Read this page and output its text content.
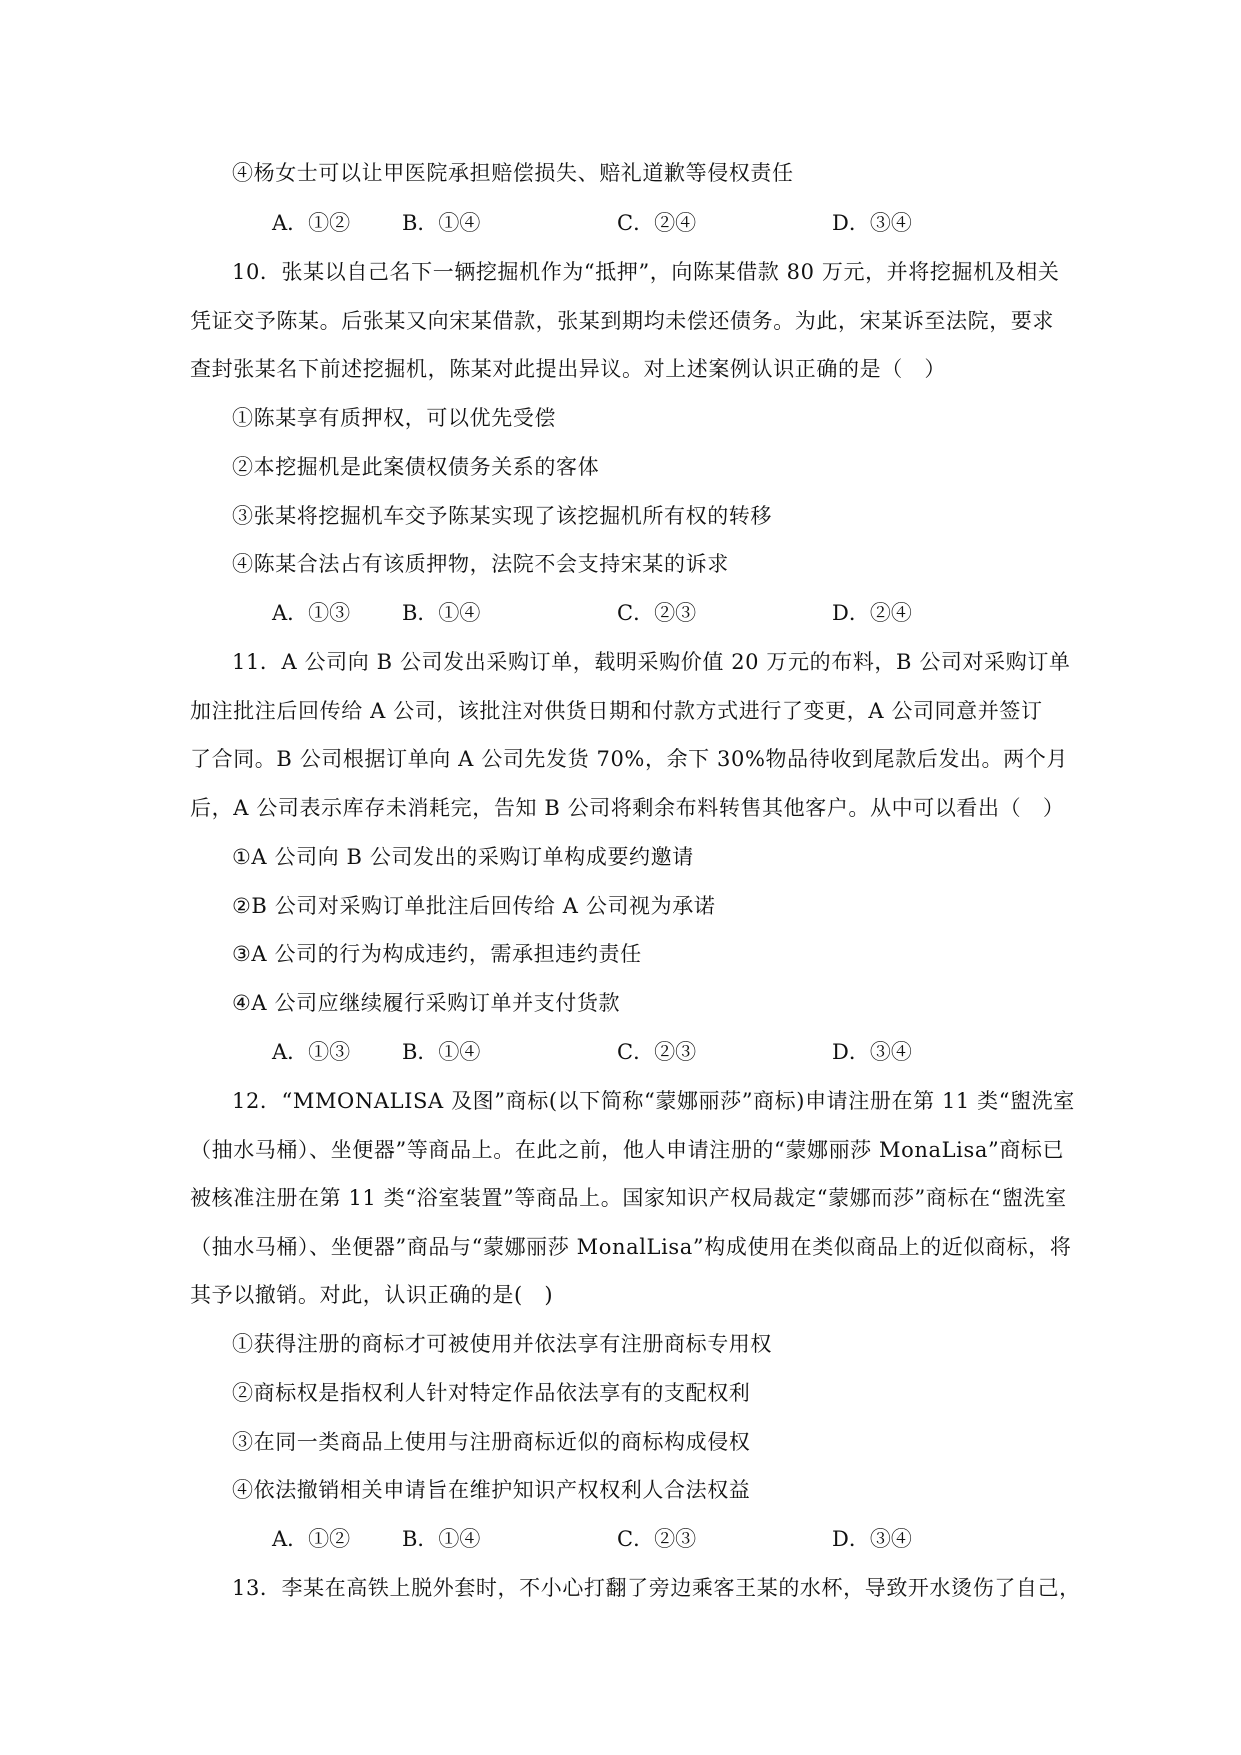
④杨女士可以让甲医院承担赔偿损失、赔礼道歉等侵权责任
A．①② B．①④	C．②④	D．③④
10．张某以自己名下一辆挖掘机作为“抵押”，向陈某借款 80 万元，并将挖掘机及相关
凭证交予陈某。后张某又向宋某借款，张某到期均未偿还债务。为此，宋某诉至法院，要求
查封张某名下前述挖掘机，陈某对此提出异议。对上述案例认识正确的是（　）
①陈某享有质押权，可以优先受偿
②本挖掘机是此案债权债务关系的客体
③张某将挖掘机车交予陈某实现了该挖掘机所有权的转移
④陈某合法占有该质押物，法院不会支持宋某的诉求
A．①③ B．①④	C．②③	D．②④
11．A 公司向 B 公司发出采购订单，载明采购价值 20 万元的布料，B 公司对采购订单
加注批注后回传给 A 公司，该批注对供货日期和付款方式进行了变更，A 公司同意并签订
了合同。B 公司根据订单向 A 公司先发货 70%，余下 30%物品待收到尾款后发出。两个月
后，A 公司表示库存未消耗完，告知 B 公司将剩余布料转售其他客户。从中可以看出（　）
①A 公司向 B 公司发出的采购订单构成要约邀请
②B 公司对采购订单批注后回传给 A 公司视为承诺
③A 公司的行为构成违约，需承担违约责任
④A 公司应继续履行采购订单并支付货款
A．①③ B．①④	C．②③	D．③④
12．“MMONALISA 及图”商标(以下简称“蒙娜丽莎”商标)申请注册在第 11 类“盥洗室
（抽水马桶）、坐便器”等商品上。在此之前，他人申请注册的“蒙娜丽莎 MonaLisa”商标已
被核准注册在第 11 类“浴室装置”等商品上。国家知识产权局裁定“蒙娜而莎”商标在“盥洗室
（抽水马桶）、坐便器”商品与“蒙娜丽莎 MonalLisa”构成使用在类似商品上的近似商标，将
其予以撤销。对此，认识正确的是(　)
①获得注册的商标才可被使用并依法享有注册商标专用权
②商标权是指权利人针对特定作品依法享有的支配权利
③在同一类商品上使用与注册商标近似的商标构成侵权
④依法撤销相关申请旨在维护知识产权权利人合法权益
A．①② B．①④	C．②③	D．③④
13．李某在高铁上脱外套时，不小心打翻了旁边乘客王某的水杯，导致开水烫伤了自己，
